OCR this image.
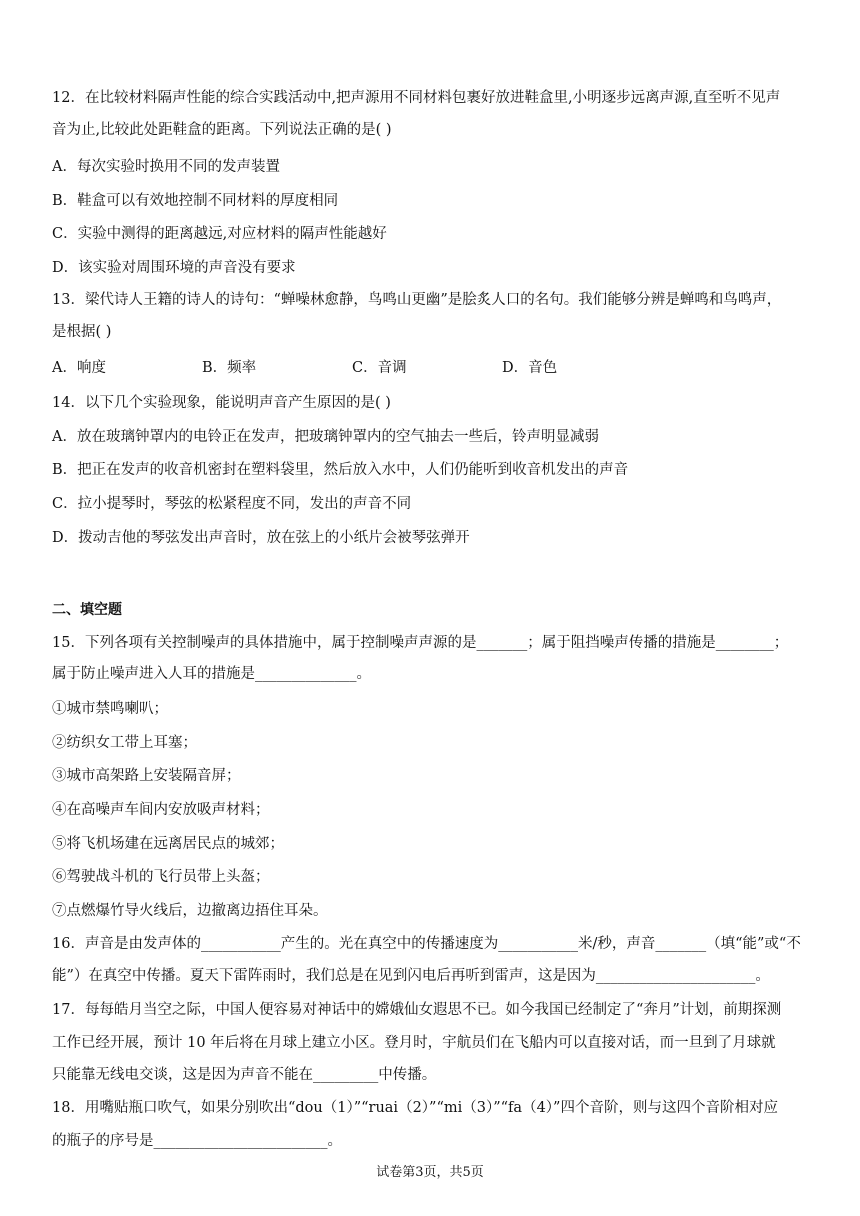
12．在比较材料隔声性能的综合实践活动中,把声源用不同材料包裹好放进鞋盒里,小明逐步远离声源,直至听不见声
音为止,比较此处距鞋盒的距离。下列说法正确的是( )
A．每次实验时换用不同的发声装置
B．鞋盒可以有效地控制不同材料的厚度相同
C．实验中测得的距离越远,对应材料的隔声性能越好
D．该实验对周围环境的声音没有要求
13．梁代诗人王籍的诗人的诗句：“蝉噪林愈静，鸟鸣山更幽”是脍炙人口的名句。我们能够分辨是蝉鸣和鸟鸣声，
是根据( )
A．响度	B．频率	C．音调	D．音色
14．以下几个实验现象，能说明声音产生原因的是( )
A．放在玻璃钟罩内的电铃正在发声，把玻璃钟罩内的空气抽去一些后，铃声明显减弱
B．把正在发声的收音机密封在塑料袋里，然后放入水中，人们仍能听到收音机发出的声音
C．拉小提琴时，琴弦的松紧程度不同，发出的声音不同
D．拨动吉他的琴弦发出声音时，放在弦上的小纸片会被琴弦弹开
二、填空题
15．下列各项有关控制噪声的具体措施中，属于控制噪声声源的是_______；属于阻挡噪声传播的措施是________；
属于防止噪声进入人耳的措施是______________。
①城市禁鸣喇叭；
②纺织女工带上耳塞；
③城市高架路上安装隔音屏；
④在高噪声车间内安放吸声材料；
⑤将飞机场建在远离居民点的城郊；
⑥驾驶战斗机的飞行员带上头盔；
⑦点燃爆竹导火线后，边撤离边捂住耳朵。
16．声音是由发声体的___________产生的。光在真空中的传播速度为___________米/秒，声音_______（填“能”或“不
能”）在真空中传播。夏天下雷阵雨时，我们总是在见到闪电后再听到雷声，这是因为______________________。
17．每每皓月当空之际，中国人便容易对神话中的嫦娥仙女遐思不已。如今我国已经制定了“奔月”计划，前期探测
工作已经开展，预计 10 年后将在月球上建立小区。登月时，宇航员们在飞船内可以直接对话，而一旦到了月球就
只能靠无线电交谈，这是因为声音不能在_________中传播。
18．用嘴贴瓶口吹气，如果分别吹出“dou（1）”“ruai（2）”“mi（3）”“fa（4）”四个音阶，则与这四个音阶相对应
的瓶子的序号是________________________。
试卷第3页，共5页
